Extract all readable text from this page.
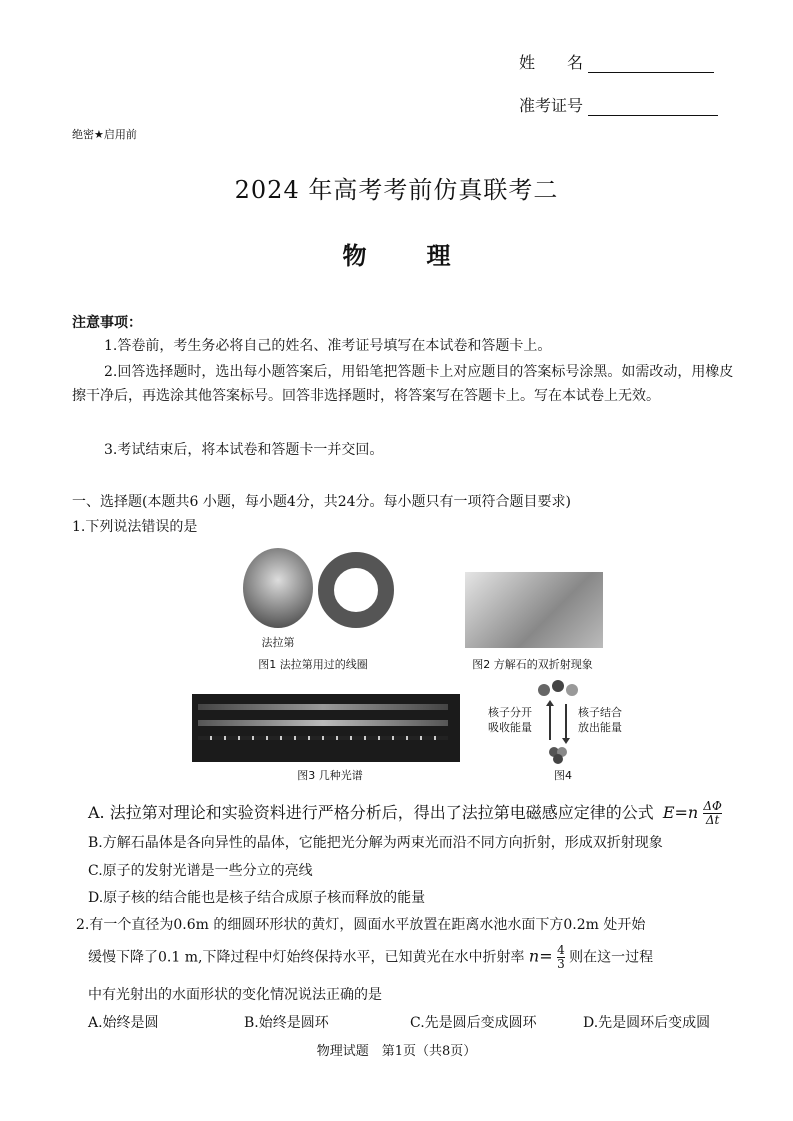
姓　　名
准考证号
绝密★启用前
2024 年高考考前仿真联考二
物	理
注意事项：
1.答卷前，考生务必将自己的姓名、准考证号填写在本试卷和答题卡上。
2.回答选择题时，选出每小题答案后，用铅笔把答题卡上对应题目的答案标号涂黑。如需改动，用橡皮擦干净后，再选涂其他答案标号。回答非选择题时，将答案写在答题卡上。写在本试卷上无效。
3.考试结束后，将本试卷和答题卡一并交回。
一、选择题(本题共6 小题，每小题4分，共24分。每小题只有一项符合题目要求)
1.下列说法错误的是
法拉第
图1 法拉第用过的线圈	图2 方解石的双折射现象
图3 几种光谱
核子分开
吸收能量
核子结合
放出能量
图4
A. 法拉第对理论和实验资料进行严格分析后，得出了法拉第电磁感应定律的公式 $E=n \frac{\Delta\Phi}{\Delta t}$
B.方解石晶体是各向异性的晶体，它能把光分解为两束光而沿不同方向折射，形成双折射现象
C.原子的发射光谱是一些分立的亮线
D.原子核的结合能也是核子结合成原子核而释放的能量
2.有一个直径为0.6m 的细圆环形状的黄灯，圆面水平放置在距离水池水面下方0.2m 处开始
缓慢下降了0.1 m,下降过程中灯始终保持水平，已知黄光在水中折射率 $n= \frac{4}{3}$ 则在这一过程
中有光射出的水面形状的变化情况说法正确的是
A.始终是圆	B.始终是圆环	C.先是圆后变成圆环	D.先是圆环后变成圆
物理试题　第1页（共8页）
